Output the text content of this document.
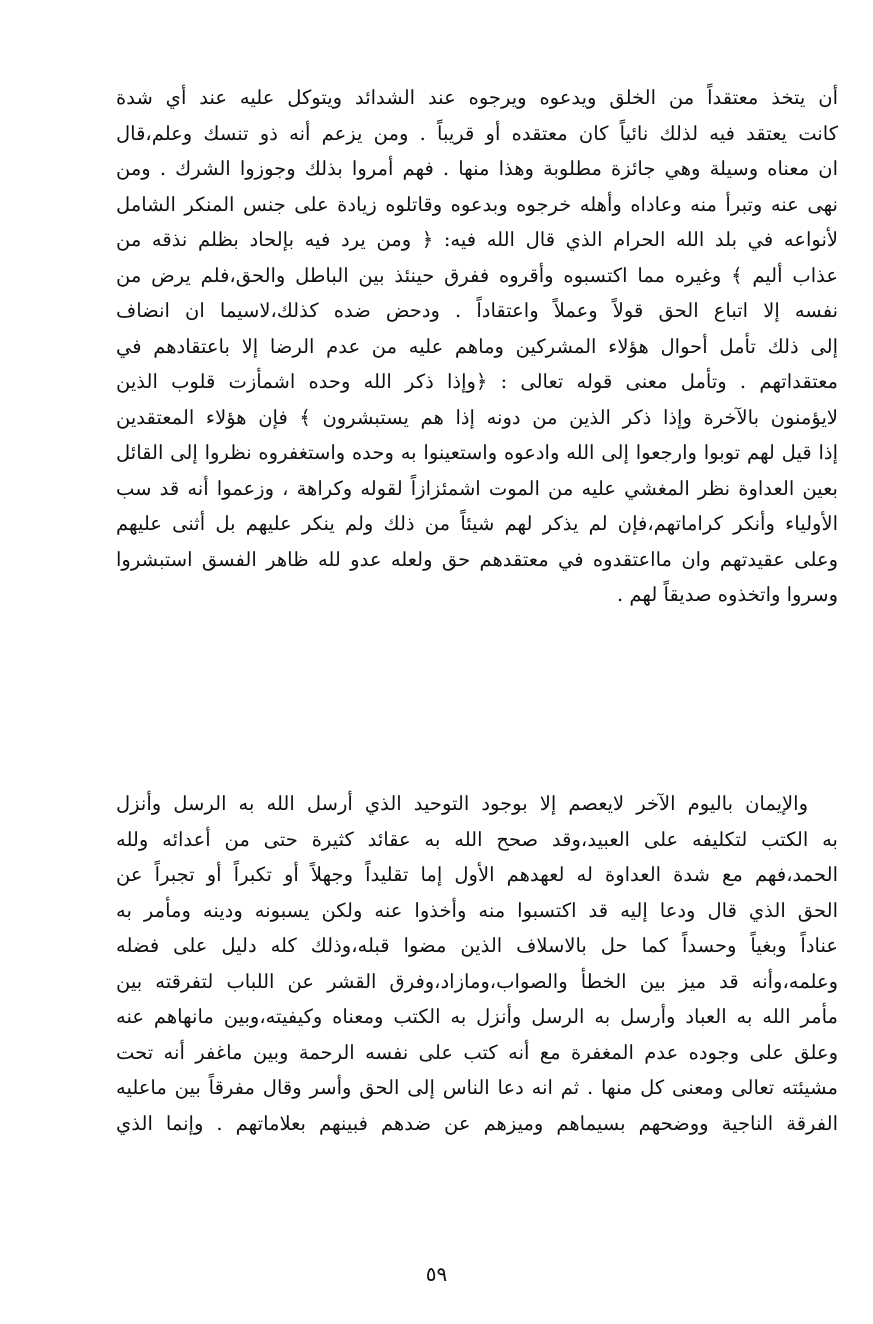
أن يتخذ معتقداً من الخلق ويدعوه ويرجوه عند الشدائد ويتوكل عليه عند أي شدة
كانت يعتقد فيه لذلك نائياً كان معتقده أو قريباً . ومن يزعم أنه ذو تنسك وعلم،قال
ان معناه وسيلة وهي جائزة مطلوبة وهذا منها . فهم أمروا بذلك وجوزوا الشرك . ومن
نهى عنه وتبرأ منه وعاداه وأهله خرجوه وبدعوه وقاتلوه زيادة على جنس المنكر الشامل
لأنواعه في بلد الله الحرام الذي قال الله فيه: ﴿ ومن يرد فيه بإلحاد بظلم نذقه من
عذاب أليم ﴾ وغيره مما اكتسبوه وأقروه ففرق حينئذ بين الباطل والحق،فلم يرض من
نفسه إلا اتباع الحق قولاً وعملاً واعتقاداً . ودحض ضده كذلك،لاسيما ان انضاف
إلى ذلك تأمل أحوال هؤلاء المشركين وماهم عليه من عدم الرضا إلا باعتقادهم في
معتقداتهم . وتأمل معنى قوله تعالى : ﴿وإذا ذكر الله وحده اشمأزت قلوب الذين
لايؤمنون بالآخرة وإذا ذكر الذين من دونه إذا هم يستبشرون ﴾ فإن هؤلاء المعتقدين
إذا قيل لهم توبوا وارجعوا إلى الله وادعوه واستعينوا به وحده واستغفروه نظروا إلى القائل
بعين العداوة نظر المغشي عليه من الموت اشمئزازاً لقوله وكراهة ، وزعموا أنه قد سب
الأولياء وأنكر كراماتهم،فإن لم يذكر لهم شيئاً من ذلك ولم ينكر عليهم بل أثنى عليهم
وعلى عقيدتهم وان مااعتقدوه في معتقدهم حق ولعله عدو لله ظاهر الفسق استبشروا
وسروا واتخذوه صديقاً لهم .
والإيمان باليوم الآخر لايعصم إلا بوجود التوحيد الذي أرسل الله به الرسل وأنزل
به الكتب لتكليفه على العبيد،وقد صحح الله به عقائد كثيرة حتى من أعدائه ولله
الحمد،فهم مع شدة العداوة له لعهدهم الأول إما تقليداً وجهلاً أو تكبراً أو تجبراً عن
الحق الذي قال ودعا إليه قد اكتسبوا منه وأخذوا عنه ولكن يسبونه ودينه ومأمر به
عناداً وبغياً وحسداً كما حل بالاسلاف الذين مضوا قبله،وذلك كله دليل على فضله
وعلمه،وأنه قد ميز بين الخطأ والصواب،ومازاد،وفرق القشر عن اللباب لتفرقته بين
مأمر الله به العباد وأرسل به الرسل وأنزل به الكتب ومعناه وكيفيته،وبين مانهاهم عنه
وعلق على وجوده عدم المغفرة مع أنه كتب على نفسه الرحمة وبين ماغفر أنه تحت
مشيئته تعالى ومعنى كل منها . ثم انه دعا الناس إلى الحق وأسر وقال مفرقاً بين ماعليه
الفرقة الناجية ووضحهم بسيماهم وميزهم عن ضدهم فبينهم بعلاماتهم . وإنما الذي
٥٩
